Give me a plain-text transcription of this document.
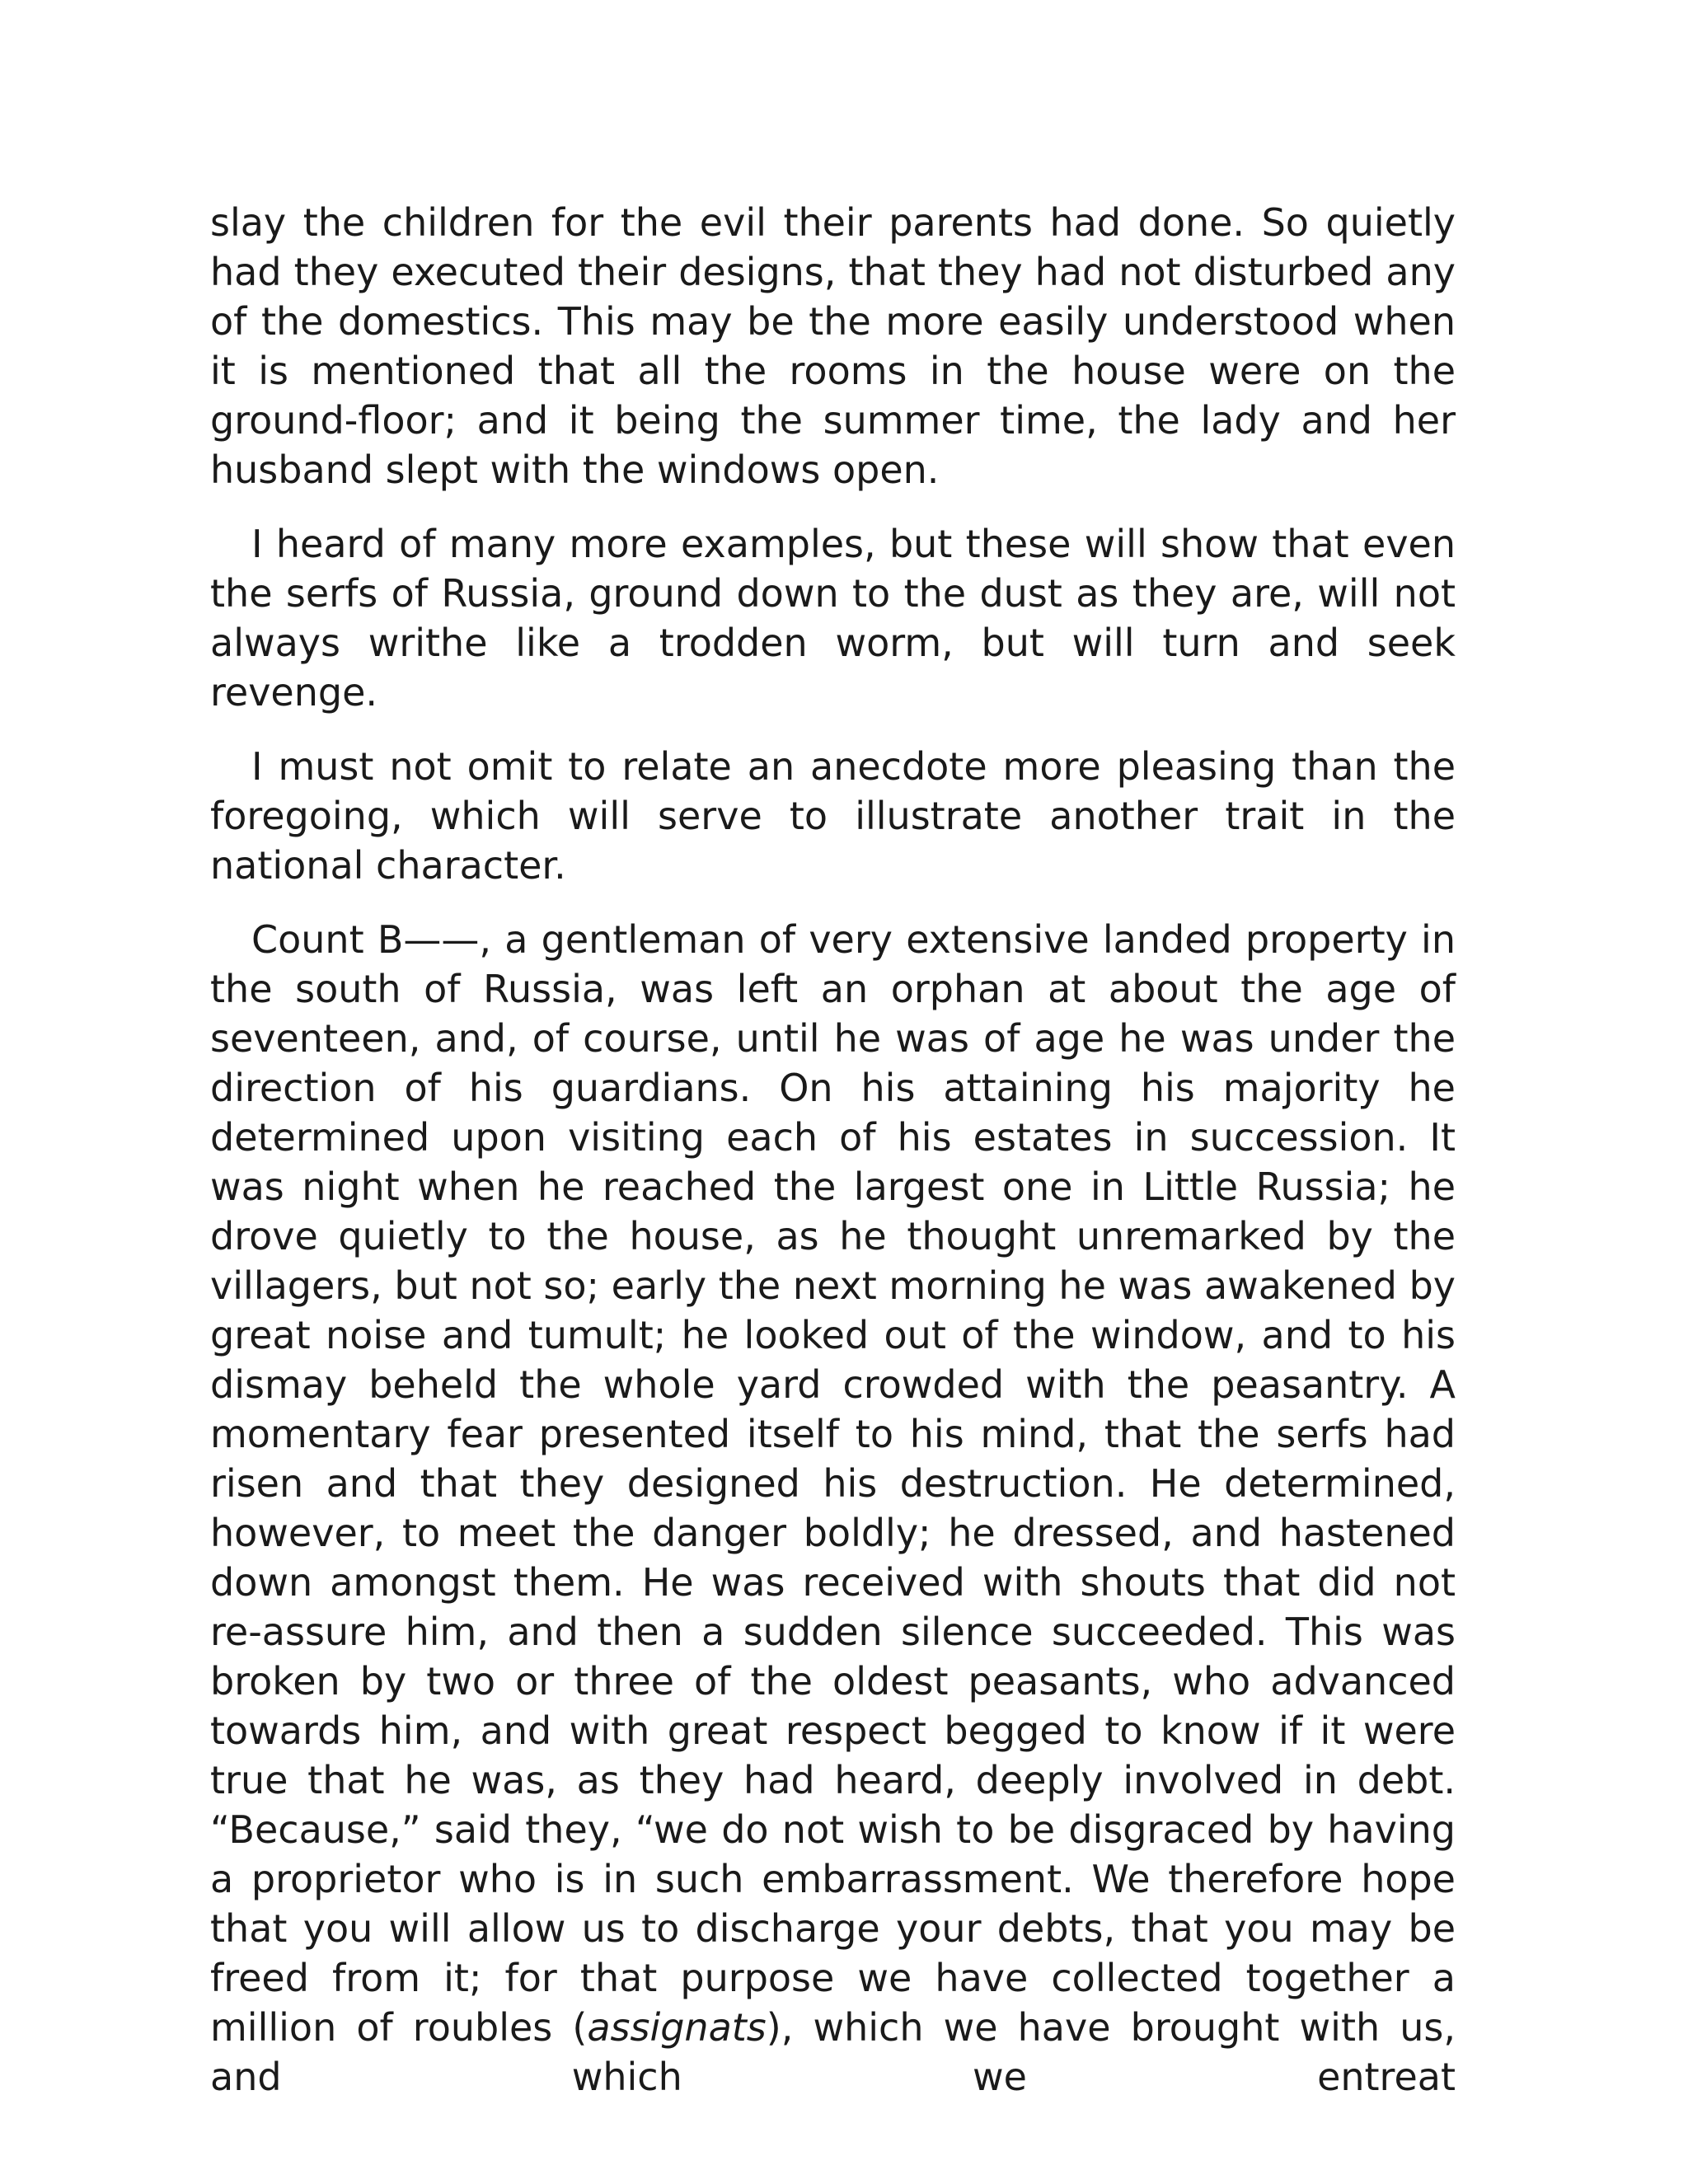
slay the children for the evil their parents had done. So quietly had they executed their designs, that they had not disturbed any of the domestics. This may be the more easily understood when it is mentioned that all the rooms in the house were on the ground-floor; and it being the summer time, the lady and her husband slept with the windows open.

I heard of many more examples, but these will show that even the serfs of Russia, ground down to the dust as they are, will not always writhe like a trodden worm, but will turn and seek revenge.

I must not omit to relate an anecdote more pleasing than the foregoing, which will serve to illustrate another trait in the national character.

Count B——, a gentleman of very extensive landed property in the south of Russia, was left an orphan at about the age of seventeen, and, of course, until he was of age he was under the direction of his guardians. On his attaining his majority he determined upon visiting each of his estates in succession. It was night when he reached the largest one in Little Russia; he drove quietly to the house, as he thought unremarked by the villagers, but not so; early the next morning he was awakened by great noise and tumult; he looked out of the window, and to his dismay beheld the whole yard crowded with the peasantry. A momentary fear presented itself to his mind, that the serfs had risen and that they designed his destruction. He determined, however, to meet the danger boldly; he dressed, and hastened down amongst them. He was received with shouts that did not re-assure him, and then a sudden silence succeeded. This was broken by two or three of the oldest peasants, who advanced towards him, and with great respect begged to know if it were true that he was, as they had heard, deeply involved in debt. “Because,” said they, “we do not wish to be disgraced by having a proprietor who is in such embarrassment. We therefore hope that you will allow us to discharge your debts, that you may be freed from it; for that purpose we have collected together a million of roubles (assignats), which we have brought with us, and which we entreat
